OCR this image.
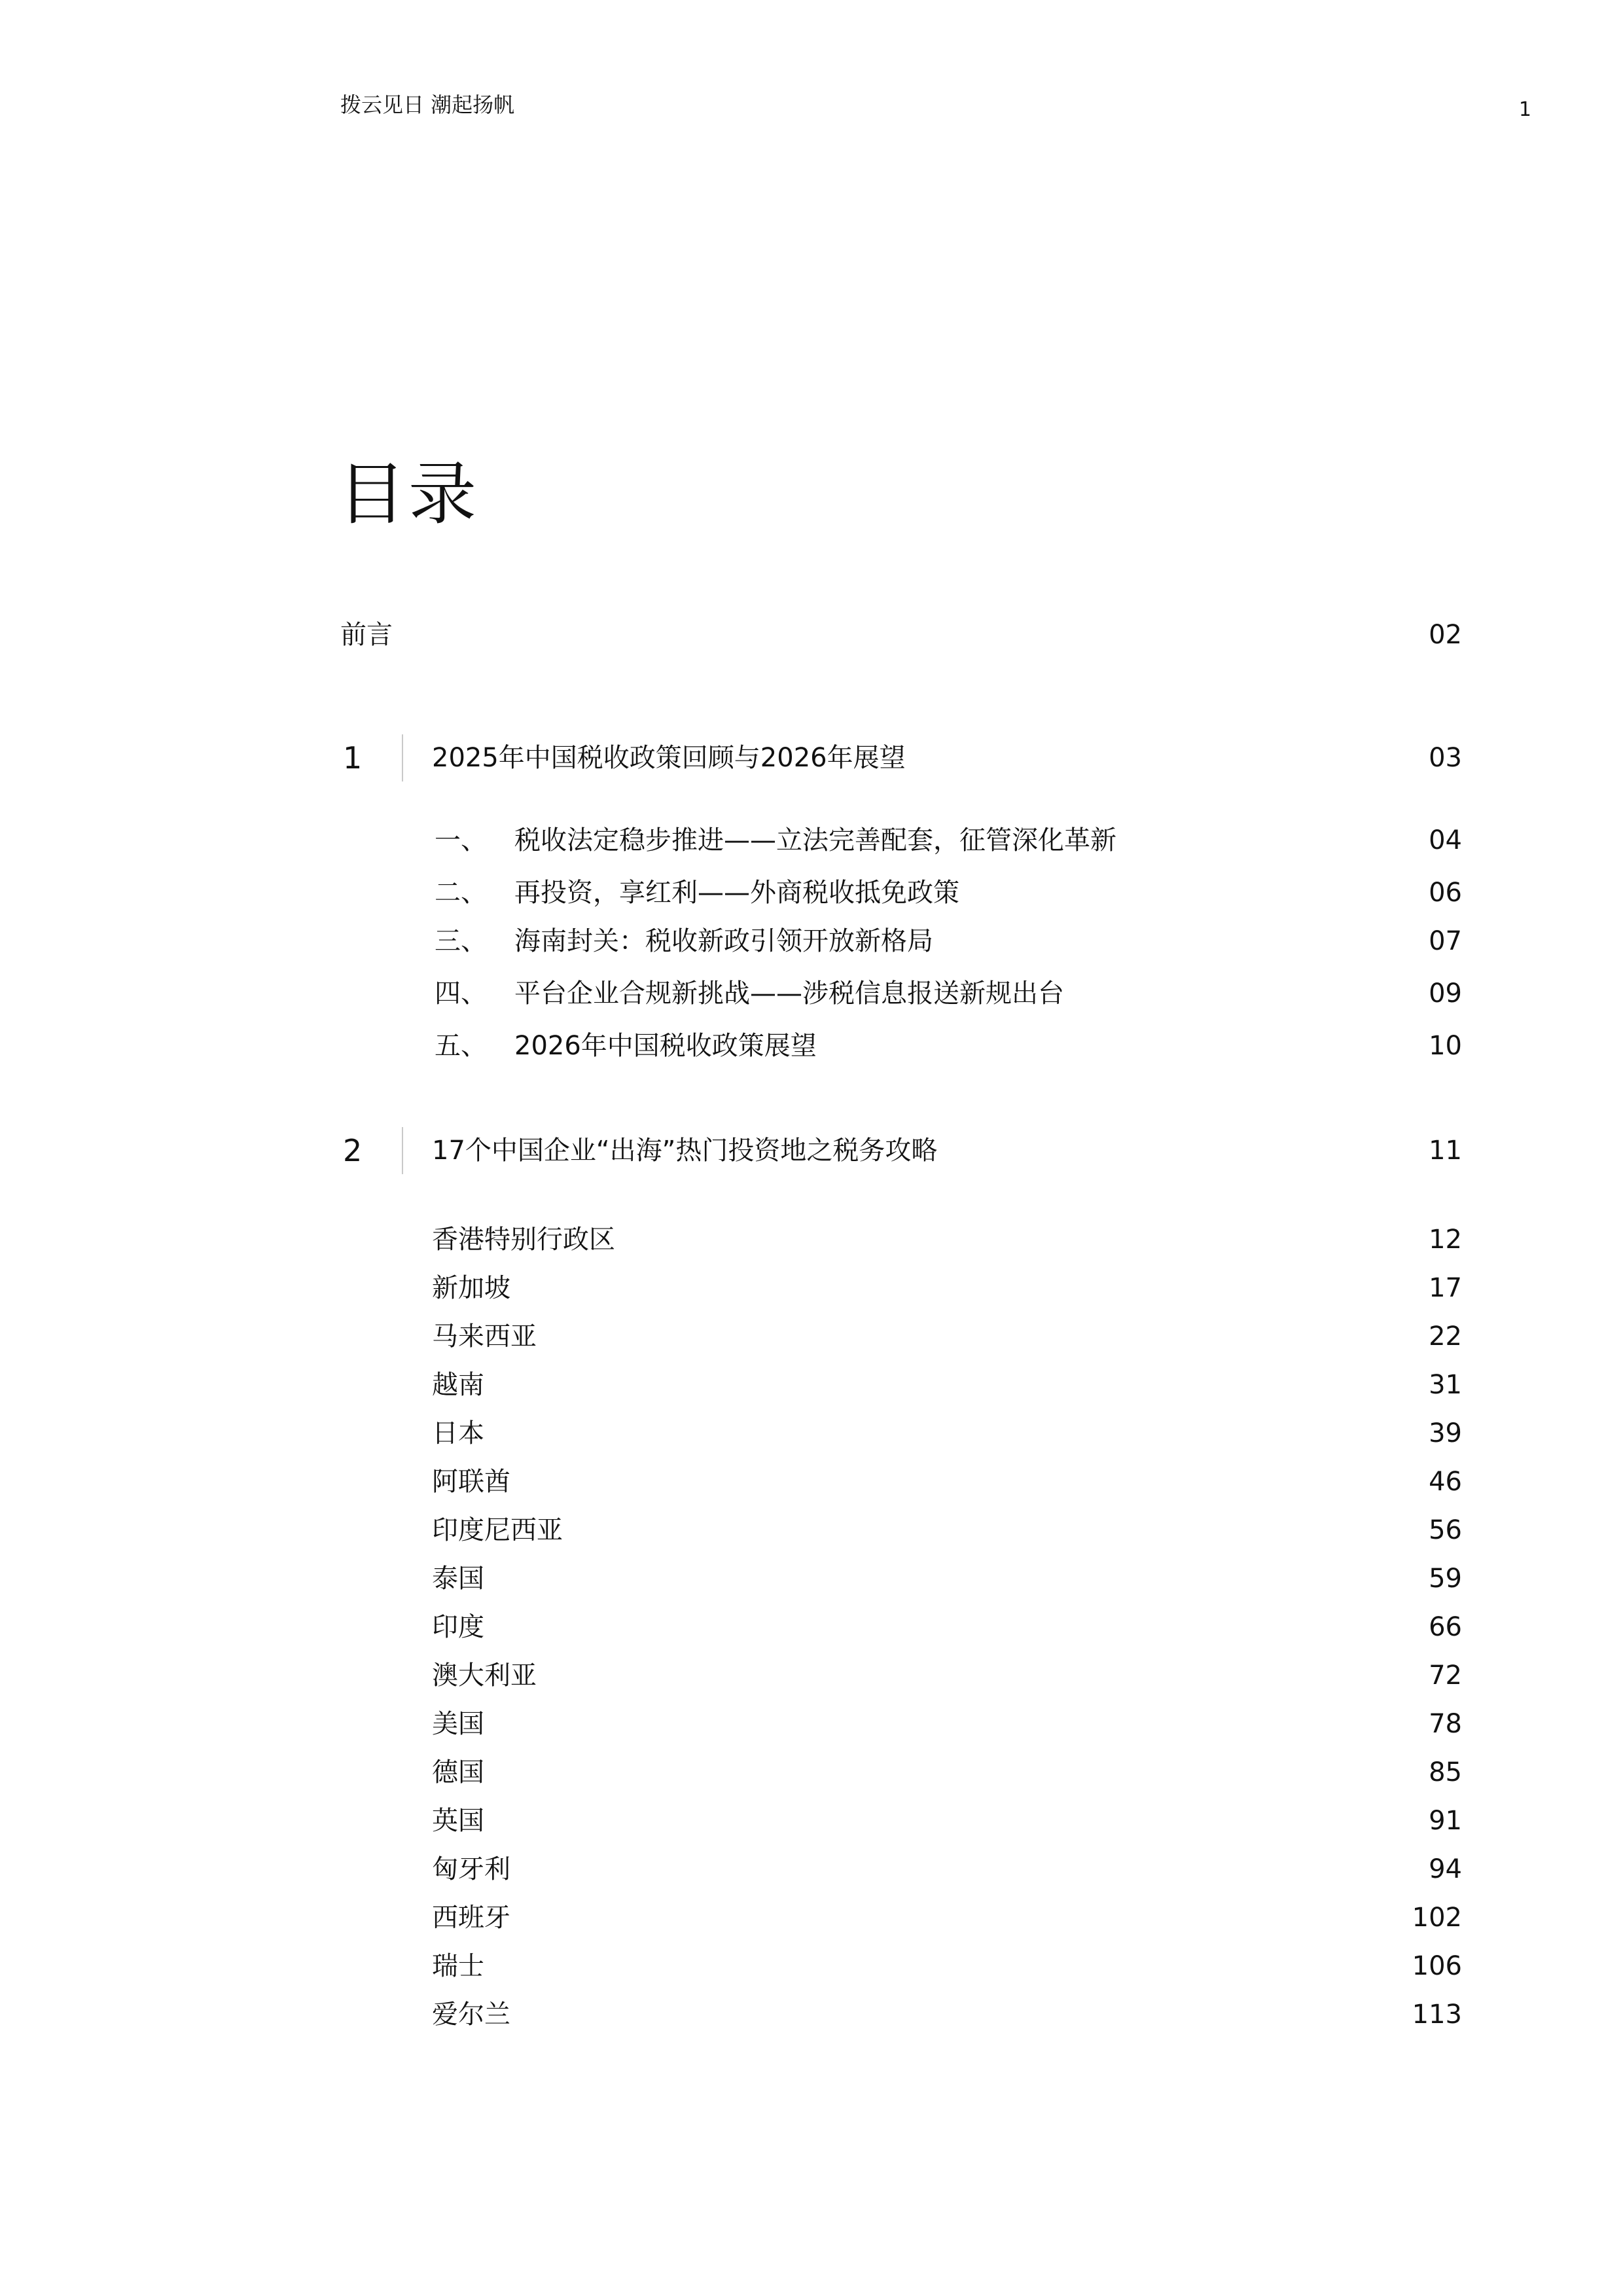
拨云见日 潮起扬帆	1
目录
前言	02
1	2025年中国税收政策回顾与2026年展望	03
一、 税收法定稳步推进——立法完善配套，征管深化革新	04
二、 再投资，享红利——外商税收抵免政策	06
三、 海南封关：税收新政引领开放新格局	07
四、 平台企业合规新挑战——涉税信息报送新规出台	09
五、 2026年中国税收政策展望	10
2	17个中国企业“出海”热门投资地之税务攻略	11
香港特别行政区	12
新加坡	17
马来西亚	22
越南	31
日本	39
阿联酋	46
印度尼西亚	56
泰国	59
印度	66
澳大利亚	72
美国	78
德国	85
英国	91
匈牙利	94
西班牙	102
瑞士	106
爱尔兰	113
